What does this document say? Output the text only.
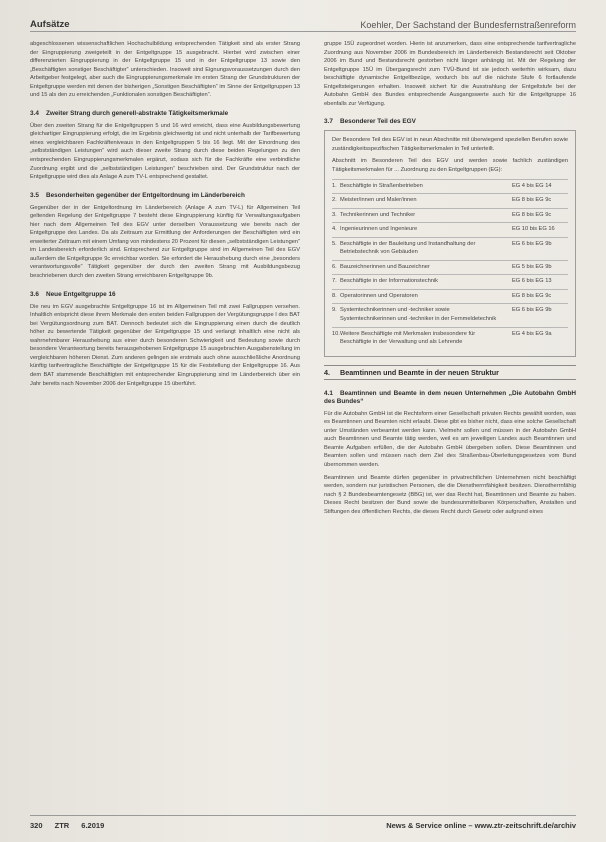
Aufsätze	Koehler, Der Sachstand der Bundesfernstraßenreform

abgeschlossenen wissenschaftlichen Hochschulbildung entsprechenden Tätigkeit sind als erster Strang der Eingruppierung zweigeteilt in der Entgeltgruppe 15 ausgebracht. Hierbei wird zwischen einer differenzierten Eingruppierung in der Entgeltgruppe 15 und in der Entgeltgruppe 13 sowie den „Beschäftigten sonstiger Beschäftigter“ unterschieden. Insoweit sind Eignungsvoraussetzungen durch den Arbeitgeber festgelegt, aber auch die Eingruppierungsmerkmale im ersten Strang der Grundstrukturen der Entgeltgruppe werden mit denen der bisherigen „Sonstigen Beschäftigten“ im Sinne der Entgeltgruppen 13 und 15 als den zu erreichenden „Funktionalen sonstigen Beschäftigten“.

3.4 Zweiter Strang durch generell-abstrakte Tätigkeitsmerkmale

Über den zweiten Strang für die Entgeltgruppen 5 und 16 wird erreicht, dass eine Ausbildungsbewertung gleichartiger Eingruppierung erfolgt, die im Ergebnis gleichwertig ist und nicht unterhalb der Tarifbewertung eines vergleichbaren Fachkräfteniveaus in den Entgeltgruppen 5 bis 16 liegt. Mit der Einordnung des „selbstständigen Leistungen“ wird auch dieser zweite Strang durch diese beiden Regelungen zu den entsprechenden Eingruppierungsmerkmalen ergänzt, sodass sich für die Fachkräfte eine verbindliche Zuordnung ergibt und die „selbstständigen Leistungen“ beschrieben sind. Der Grundstruktur nach der Entgeltgruppe wird dies als Anlage A zum TV-L entsprechend gestaltet.

3.5 Besonderheiten gegenüber der Entgeltordnung im Länderbereich

Gegenüber der in der Entgeltordnung im Länderbereich (Anlage A zum TV-L) für Allgemeinen Teil geltenden Regelung der Entgeltgruppe 7 besteht diese Eingruppierung künftig für Verwaltungsaufgaben hier nach dem Allgemeinen Teil des EGV unter derselben Voraussetzung wie bereits nach der Entgeltgruppe des Landes. Da als Zeitraum zur Ermittlung der Anforderungen der Beschäftigten wird ein erweiterter Zeitraum mit einem Umfang von mindestens 20 Prozent für diesen „selbstständigen Leistungen“ im Landesbereich erforderlich sind. Entsprechend zur Entgeltgruppe sind im Allgemeinen Teil des EGV außerdem die Entgeltgruppe 9c erreichbar worden. Sie erfordert die Heraushebung durch eine „besonders verantwortungsvolle“ Tätigkeit gegenüber der durch den zweiten Strang mit Ausbildungsbezug beschriebenen durch den zweiten Strang erreichbaren Entgeltgruppe 9b.

3.6 Neue Entgeltgruppe 16

Die neu im EGV ausgebrachte Entgeltgruppe 16 ist im Allgemeinen Teil mit zwei Fallgruppen versehen. Inhaltlich entspricht diese ihrem Merkmale den ersten beiden Fallgruppen der Vergütungsgruppe I des BAT bei Vergütungsordnung zum BAT. Dennoch bedeutet sich die Eingruppierung einen durch die deutlich höher zu bewertende Tätigkeit gegenüber der Entgeltgruppe 15 und verlangt inhaltlich eine nicht als wahrnehmbarer Heraushebung aus einer durch besonderen Schwierigkeit und Bedeutung sowie durch besondere Verantwortung bereits herausgehobenen Entgeltgruppe 15 ausgebrachten Ausgabenstellung im vergleichbaren höheren Dienst. Zum anderen gelingen sie erstmals auch ohne ausschließliche Anordnung künftig tarifvertragliche Beschäftigte der Entgeltgruppe 15 für die Feststellung der Entgeltgruppe 16. Aus dem BAT stammende Beschäftigten mit entsprechender Eingruppierung sind im Länderbereich über ein Jahr bereits nach November 2006 der Entgeltgruppe 15 überführt.

gruppe 15Ü zugeordnet worden. Hierin ist anzumerken, dass eine entsprechende tarifvertragliche Zuordnung aus November 2006 im Bundesbereich im Länderbereich Bestandsrecht seit Oktober 2006 im Bund und Bestandsrecht gestorben nicht länger anhängig ist. Mit der Regelung der Entgeltgruppe 15Ü im Übergangsrecht zum TVÜ-Bund ist sie jedoch weiterhin wirksam, dazu beschäftigte dynamische Entgeltbezüge, wodurch bis auf die nächste Stufe 6 fortlaufende Entgeltsteigerungen erhalten. Insoweit sichert für die Ausstrahlung der Entgeltstufe bei der Autobahn GmbH des Bundes entsprechende Ausgangswerte auch für die Entgeltgruppe 16 ebenfalls zur Verfügung.

3.7 Besonderer Teil des EGV

Der Besondere Teil des EGV ist in neun Abschnitte mit überwiegend speziellen Berufen sowie zuständigkeitsspezifischen Tätigkeitsmerkmalen in Teil unterteilt.

Abschnitt im Besonderen Teil des EGV und werden sowie fachlich zuständigen Tätigkeitsmerkmalen für ... Zuordnung zu den Entgeltgruppen (EG):

1. Beschäftigte in Straßenbetrieben	EG 4 bis EG 14
2. Meister/innen und Maler/innen	EG 8 bis EG 9c
3. Technikerinnen und Techniker	EG 8 bis EG 9c
4. Ingenieurinnen und Ingenieure	EG 10 bis EG 16
5. Beschäftigte in der Bauleitung und Instandhaltung der Betriebstechnik von Gebäuden
EG 6 bis EG 9b
6. Bauzeichnerinnen und Bauzeichner	EG 5 bis EG 9b
7. Beschäftigte in der Informationstechnik	EG 6 bis EG 13
8. Operatorinnen und Operatoren	EG 8 bis EG 9c
9. Systemtechnikerinnen und -techniker sowie Systemtechnikerinnen und -techniker in der Fernmeldetechnik
EG 6 bis EG 9b
10. Weitere Beschäftigte mit Merkmalen insbesondere für Beschäftigte in der Verwaltung und als Lehrende
EG 4 bis EG 9a
4. Beamtinnen und Beamte in der neuen Struktur
4.1 Beamtinnen und Beamte in dem neuen Unternehmen „Die Autobahn GmbH des Bundes“

Für die Autobahn GmbH ist die Rechtsform einer Gesellschaft privaten Rechts gewählt worden, was es Beamtinnen und Beamten nicht erlaubt. Diese gibt es bisher nicht, dass eine solche Gesellschaft unter Umständen verbeamtet werden kann. Vielmehr sollen und müssen in der Autobahn GmbH auch Beamtinnen und Beamte tätig werden, weil es am jeweiligen Landes auch Beamtinnen und Beamte Aufgaben erfüllen, die der Autobahn GmbH übergeben sollen. Diese Beamtinnen und Beamten sollen und müssen nach dem Ziel des Straßenbau-Überleitungsgesetzes vom Bund übernommen werden.

Beamtinnen und Beamte dürfen gegenüber in privatrechtlichen Unternehmen nicht beschäftigt werden, sondern nur juristischen Personen, die die Dienstherrnfähigkeit besitzen. Dienstherrnfähig nach § 2 Bundesbeamtengesetz (BBG) ist, wer das Recht hat, Beamtinnen und Beamte zu haben. Dieses Recht besitzen der Bund sowie die bundesunmittelbaren Körperschaften, Anstalten und Stiftungen des öffentlichen Rechts, die dieses Recht durch Gesetz oder aufgrund eines

320 ZTR 6.2019	News & Service online – www.ztr-zeitschrift.de/archiv
